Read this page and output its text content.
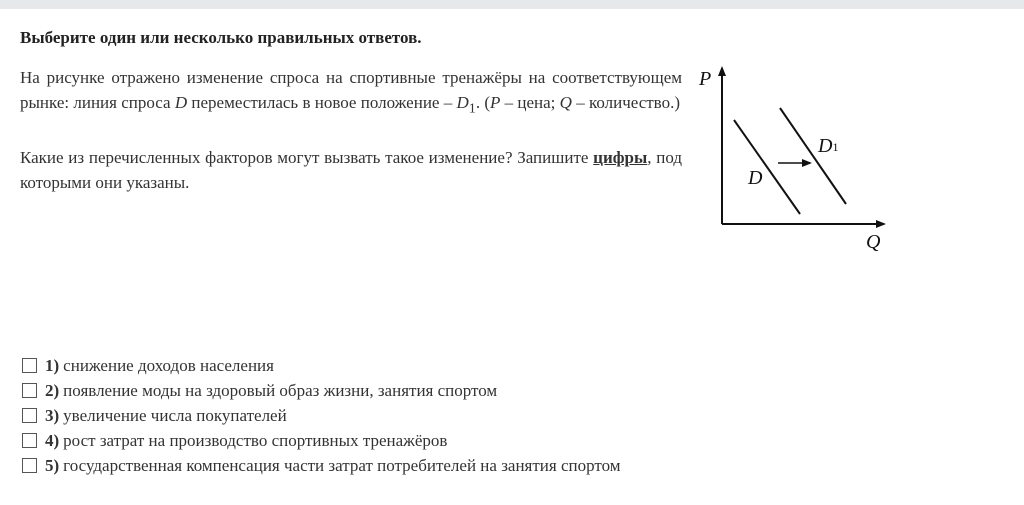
Выберите один или несколько правильных ответов.

На рисунке отражено изменение спроса на спортивные тренажёры на соответствующем рынке: линия спроса D переместилась в новое положение – $D_1$. (P – цена; Q – количество.)

Какие из перечисленных факторов могут вызвать такое изменение? Запишите цифры, под которыми они указаны.

P
Q
D
D1
1) снижение доходов населения
2) появление моды на здоровый образ жизни, занятия спортом
3) увеличение числа покупателей
4) рост затрат на производство спортивных тренажёров
5) государственная компенсация части затрат потребителей на занятия спортом
